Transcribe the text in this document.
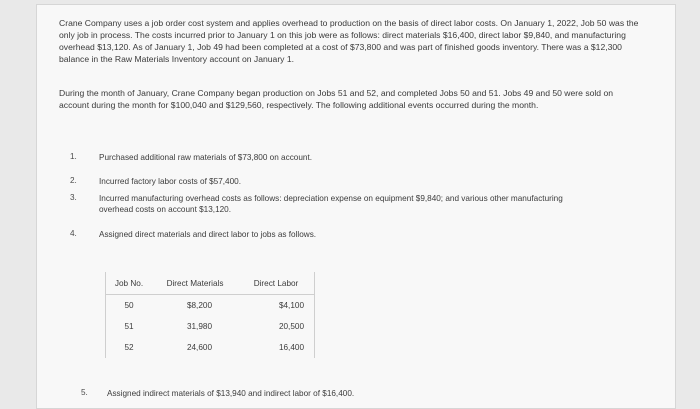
Crane Company uses a job order cost system and applies overhead to production on the basis of direct labor costs. On January 1, 2022, Job 50 was the only job in process. The costs incurred prior to January 1 on this job were as follows: direct materials $16,400, direct labor $9,840, and manufacturing overhead $13,120. As of January 1, Job 49 had been completed at a cost of $73,800 and was part of finished goods inventory. There was a $12,300 balance in the Raw Materials Inventory account on January 1.
During the month of January, Crane Company began production on Jobs 51 and 52, and completed Jobs 50 and 51. Jobs 49 and 50 were sold on account during the month for $100,040 and $129,560, respectively. The following additional events occurred during the month.
1.	Purchased additional raw materials of $73,800 on account.
2.	Incurred factory labor costs of $57,400.
3.	Incurred manufacturing overhead costs as follows: depreciation expense on equipment $9,840; and various other manufacturing overhead costs on account $13,120.
4.	Assigned direct materials and direct labor to jobs as follows.
Job No.	Direct Materials	Direct Labor
50	$8,200	$4,100
51	31,980	20,500
52	24,600	16,400
5. Assigned indirect materials of $13,940 and indirect labor of $16,400.
